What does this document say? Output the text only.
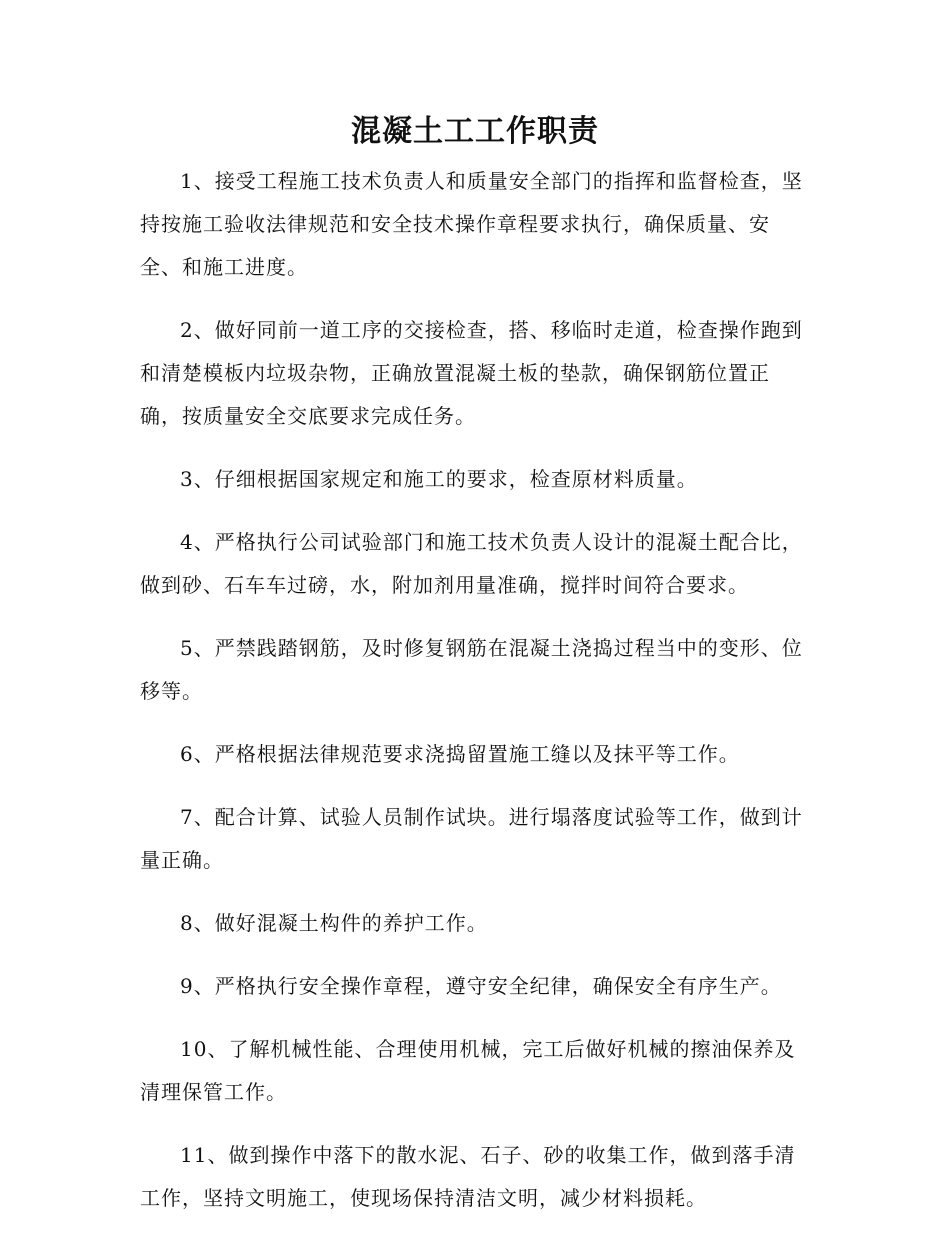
混凝土工工作职责

1、接受工程施工技术负责人和质量安全部门的指挥和监督检查，坚持按施工验收法律规范和安全技术操作章程要求执行，确保质量、安全、和施工进度。

2、做好同前一道工序的交接检查，搭、移临时走道，检查操作跑到和清楚模板内垃圾杂物，正确放置混凝土板的垫款，确保钢筋位置正确，按质量安全交底要求完成任务。

3、仔细根据国家规定和施工的要求，检查原材料质量。

4、严格执行公司试验部门和施工技术负责人设计的混凝土配合比，做到砂、石车车过磅，水，附加剂用量准确，搅拌时间符合要求。

5、严禁践踏钢筋，及时修复钢筋在混凝土浇捣过程当中的变形、位移等。

6、严格根据法律规范要求浇捣留置施工缝以及抹平等工作。

7、配合计算、试验人员制作试块。进行塌落度试验等工作，做到计量正确。

8、做好混凝土构件的养护工作。

9、严格执行安全操作章程，遵守安全纪律，确保安全有序生产。

10、了解机械性能、合理使用机械，完工后做好机械的擦油保养及清理保管工作。

11、做到操作中落下的散水泥、石子、砂的收集工作，做到落手清工作，坚持文明施工，使现场保持清洁文明，减少材料损耗。
